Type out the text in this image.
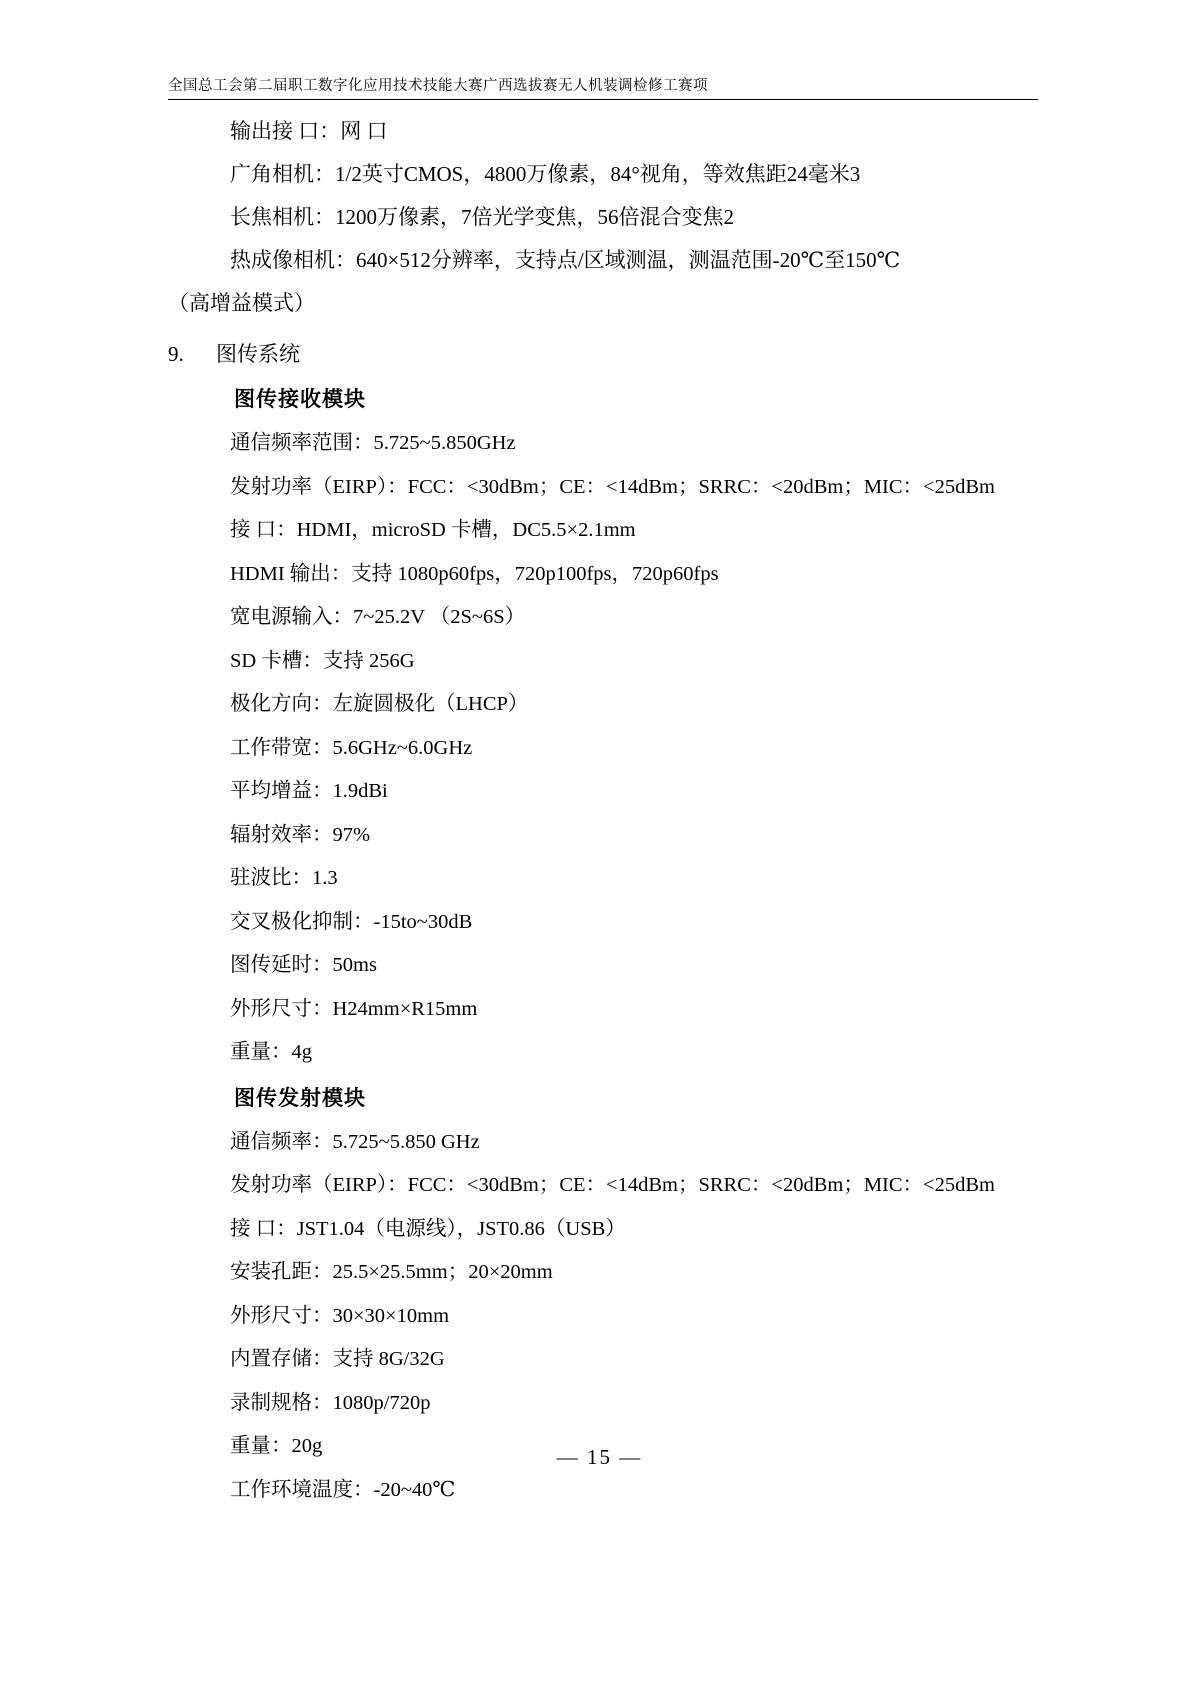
全国总工会第二届职工数字化应用技术技能大赛广西选拔赛无人机装调检修工赛项
输出接 口：网 口
广角相机：1/2英寸CMOS，4800万像素，84°视角，等效焦距24毫米3
长焦相机：1200万像素，7倍光学变焦，56倍混合变焦2
热成像相机：640×512分辨率，支持点/区域测温，测温范围-20℃至150℃
（高增益模式）
9. 图传系统
图传接收模块
通信频率范围：5.725~5.850GHz
发射功率（EIRP）：FCC：<30dBm；CE：<14dBm；SRRC：<20dBm；MIC：<25dBm
接 口：HDMI，microSD 卡槽，DC5.5×2.1mm
HDMI 输出：支持 1080p60fps，720p100fps，720p60fps
宽电源输入：7~25.2V （2S~6S）
SD 卡槽：支持 256G
极化方向：左旋圆极化（LHCP）
工作带宽：5.6GHz~6.0GHz
平均增益：1.9dBi
辐射效率：97%
驻波比：1.3
交叉极化抑制：-15to~30dB
图传延时：50ms
外形尺寸：H24mm×R15mm
重量：4g
图传发射模块
通信频率：5.725~5.850 GHz
发射功率（EIRP）：FCC：<30dBm；CE：<14dBm；SRRC：<20dBm；MIC：<25dBm
接 口：JST1.04（电源线），JST0.86（USB）
安装孔距：25.5×25.5mm；20×20mm
外形尺寸：30×30×10mm
内置存储：支持 8G/32G
录制规格：1080p/720p
重量：20g
工作环境温度：-20~40℃
— 15 —
